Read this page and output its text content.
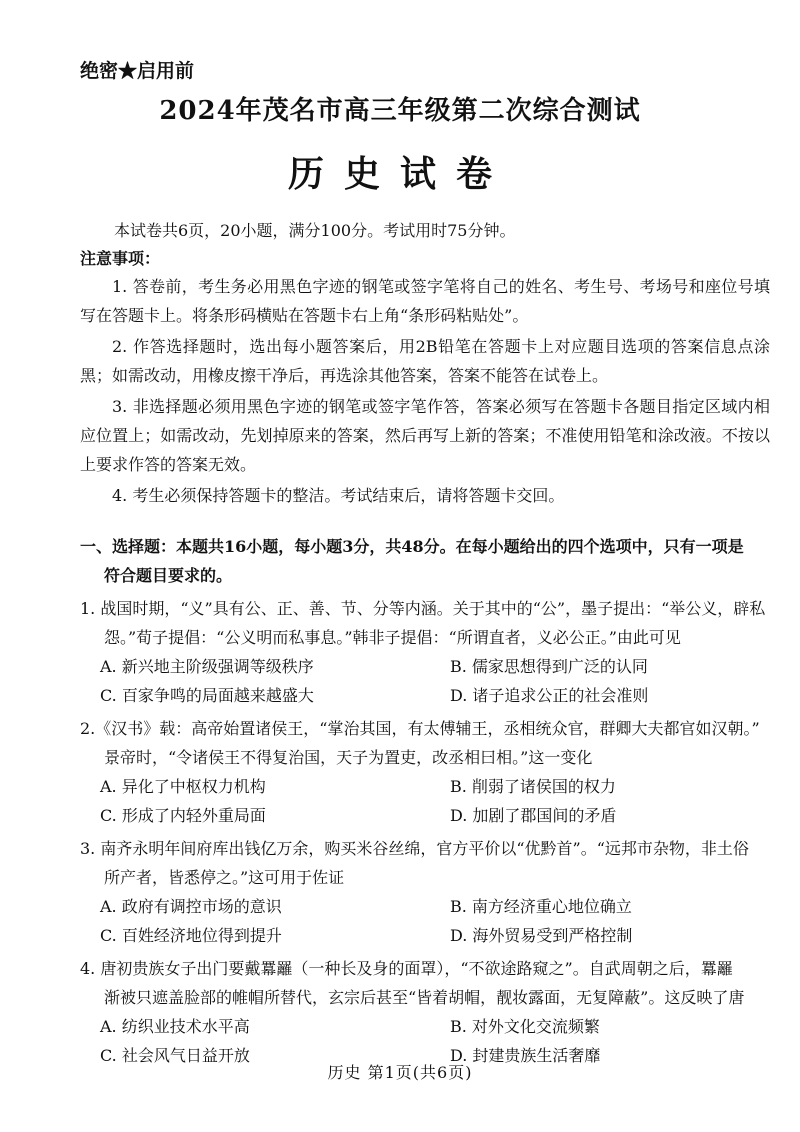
绝密★启用前
2024年茂名市高三年级第二次综合测试
历史试卷
本试卷共6页，20小题，满分100分。考试用时75分钟。
注意事项：

1. 答卷前，考生务必用黑色字迹的钢笔或签字笔将自己的姓名、考生号、考场号和座位号填写在答题卡上。将条形码横贴在答题卡右上角“条形码粘贴处”。

2. 作答选择题时，选出每小题答案后，用2B铅笔在答题卡上对应题目选项的答案信息点涂黑；如需改动，用橡皮擦干净后，再选涂其他答案，答案不能答在试卷上。

3. 非选择题必须用黑色字迹的钢笔或签字笔作答，答案必须写在答题卡各题目指定区域内相应位置上；如需改动，先划掉原来的答案，然后再写上新的答案；不准使用铅笔和涂改液。不按以上要求作答的答案无效。

4. 考生必须保持答题卡的整洁。考试结束后，请将答题卡交回。

一、选择题：本题共16小题，每小题3分，共48分。在每小题给出的四个选项中，只有一项是
符合题目要求的。
1. 战国时期，“义”具有公、正、善、节、分等内涵。关于其中的“公”，墨子提出：“举公义，辟私
怨。”荀子提倡：“公义明而私事息。”韩非子提倡：“所谓直者，义必公正。”由此可见
A. 新兴地主阶级强调等级秩序	B. 儒家思想得到广泛的认同
C. 百家争鸣的局面越来越盛大	D. 诸子追求公正的社会准则
2.《汉书》载：高帝始置诸侯王，“掌治其国，有太傅辅王，丞相统众官，群卿大夫都官如汉朝。”
景帝时，“令诸侯王不得复治国，天子为置吏，改丞相曰相。”这一变化
A. 异化了中枢权力机构	B. 削弱了诸侯国的权力
C. 形成了内轻外重局面	D. 加剧了郡国间的矛盾
3. 南齐永明年间府库出钱亿万余，购买米谷丝绵，官方平价以“优黔首”。“远邦市杂物，非土俗
所产者，皆悉停之。”这可用于佐证
A. 政府有调控市场的意识	B. 南方经济重心地位确立
C. 百姓经济地位得到提升	D. 海外贸易受到严格控制
4. 唐初贵族女子出门要戴羃䍦（一种长及身的面罩），“不欲途路窥之”。自武周朝之后，羃䍦
渐被只遮盖脸部的帷帽所替代，玄宗后甚至“皆着胡帽，靓妆露面，无复障蔽”。这反映了唐
A. 纺织业技术水平高	B. 对外文化交流频繁
C. 社会风气日益开放	D. 封建贵族生活奢靡
历史 第1页(共6页)
